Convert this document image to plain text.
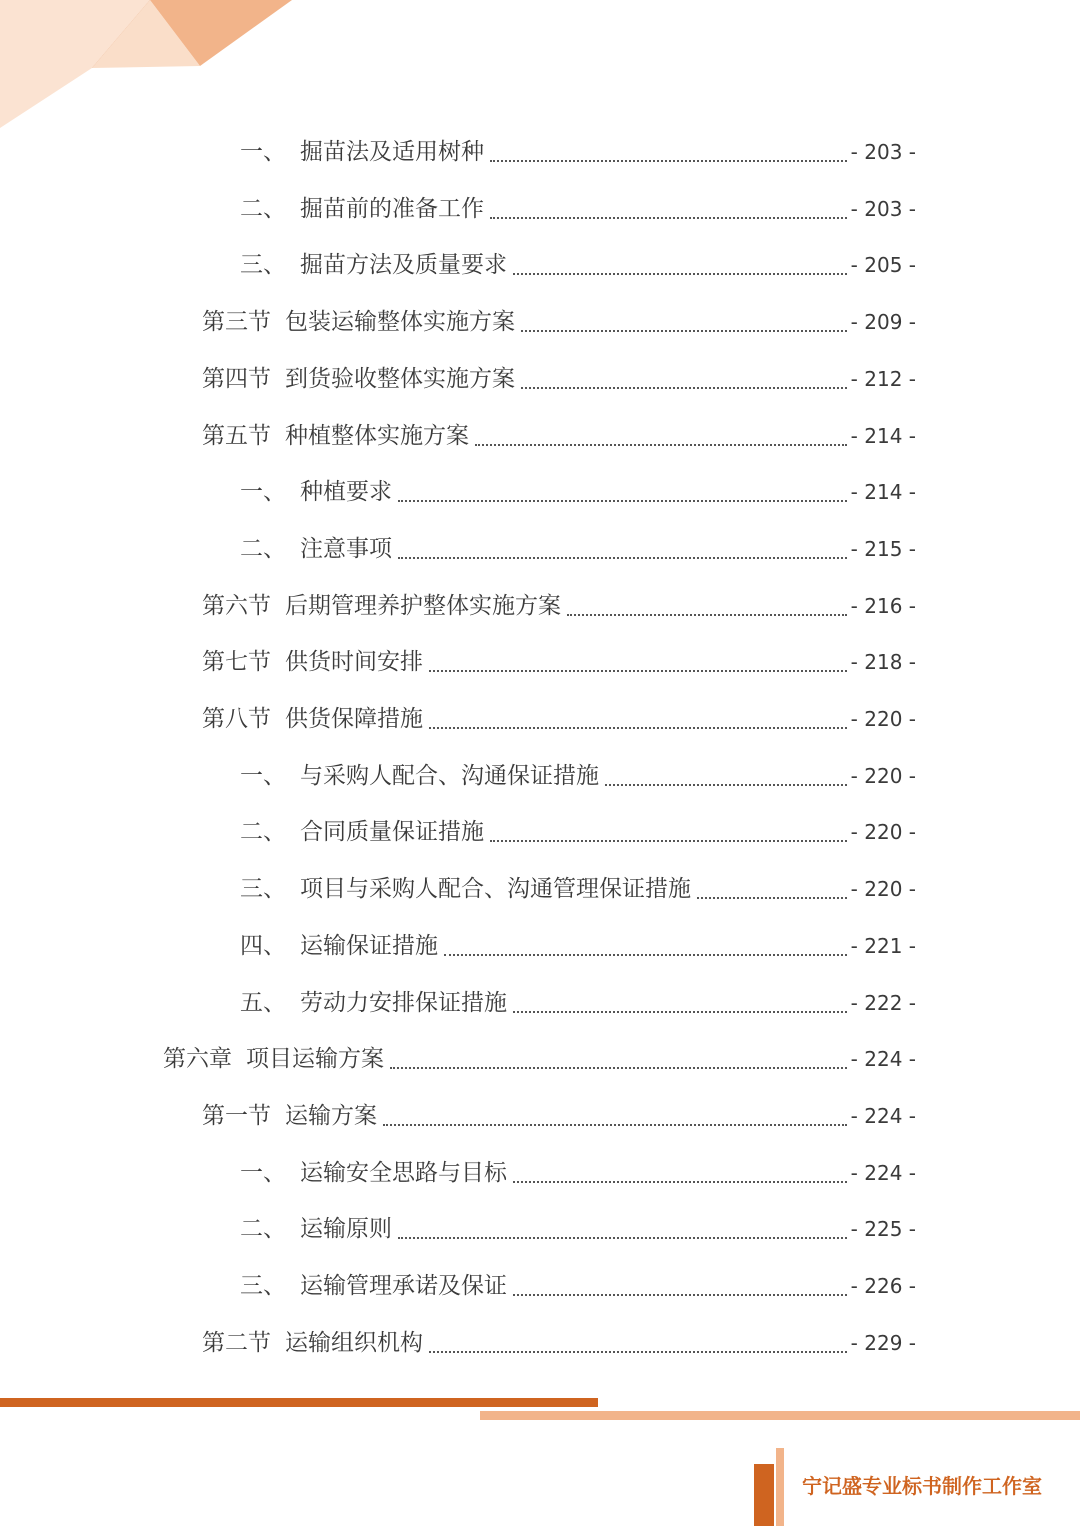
一、 掘苗法及适用树种	- 203 -
二、 掘苗前的准备工作	- 203 -
三、 掘苗方法及质量要求	- 205 -
第三节 包装运输整体实施方案	- 209 -
第四节 到货验收整体实施方案	- 212 -
第五节 种植整体实施方案	- 214 -
一、 种植要求	- 214 -
二、 注意事项	- 215 -
第六节 后期管理养护整体实施方案	- 216 -
第七节 供货时间安排	- 218 -
第八节 供货保障措施	- 220 -
一、 与采购人配合、沟通保证措施	- 220 -
二、 合同质量保证措施	- 220 -
三、 项目与采购人配合、沟通管理保证措施	- 220 -
四、 运输保证措施	- 221 -
五、 劳动力安排保证措施	- 222 -
第六章 项目运输方案	- 224 -
第一节 运输方案	- 224 -
一、 运输安全思路与目标	- 224 -
二、 运输原则	- 225 -
三、 运输管理承诺及保证	- 226 -
第二节 运输组织机构	- 229 -
宁记盛专业标书制作工作室
